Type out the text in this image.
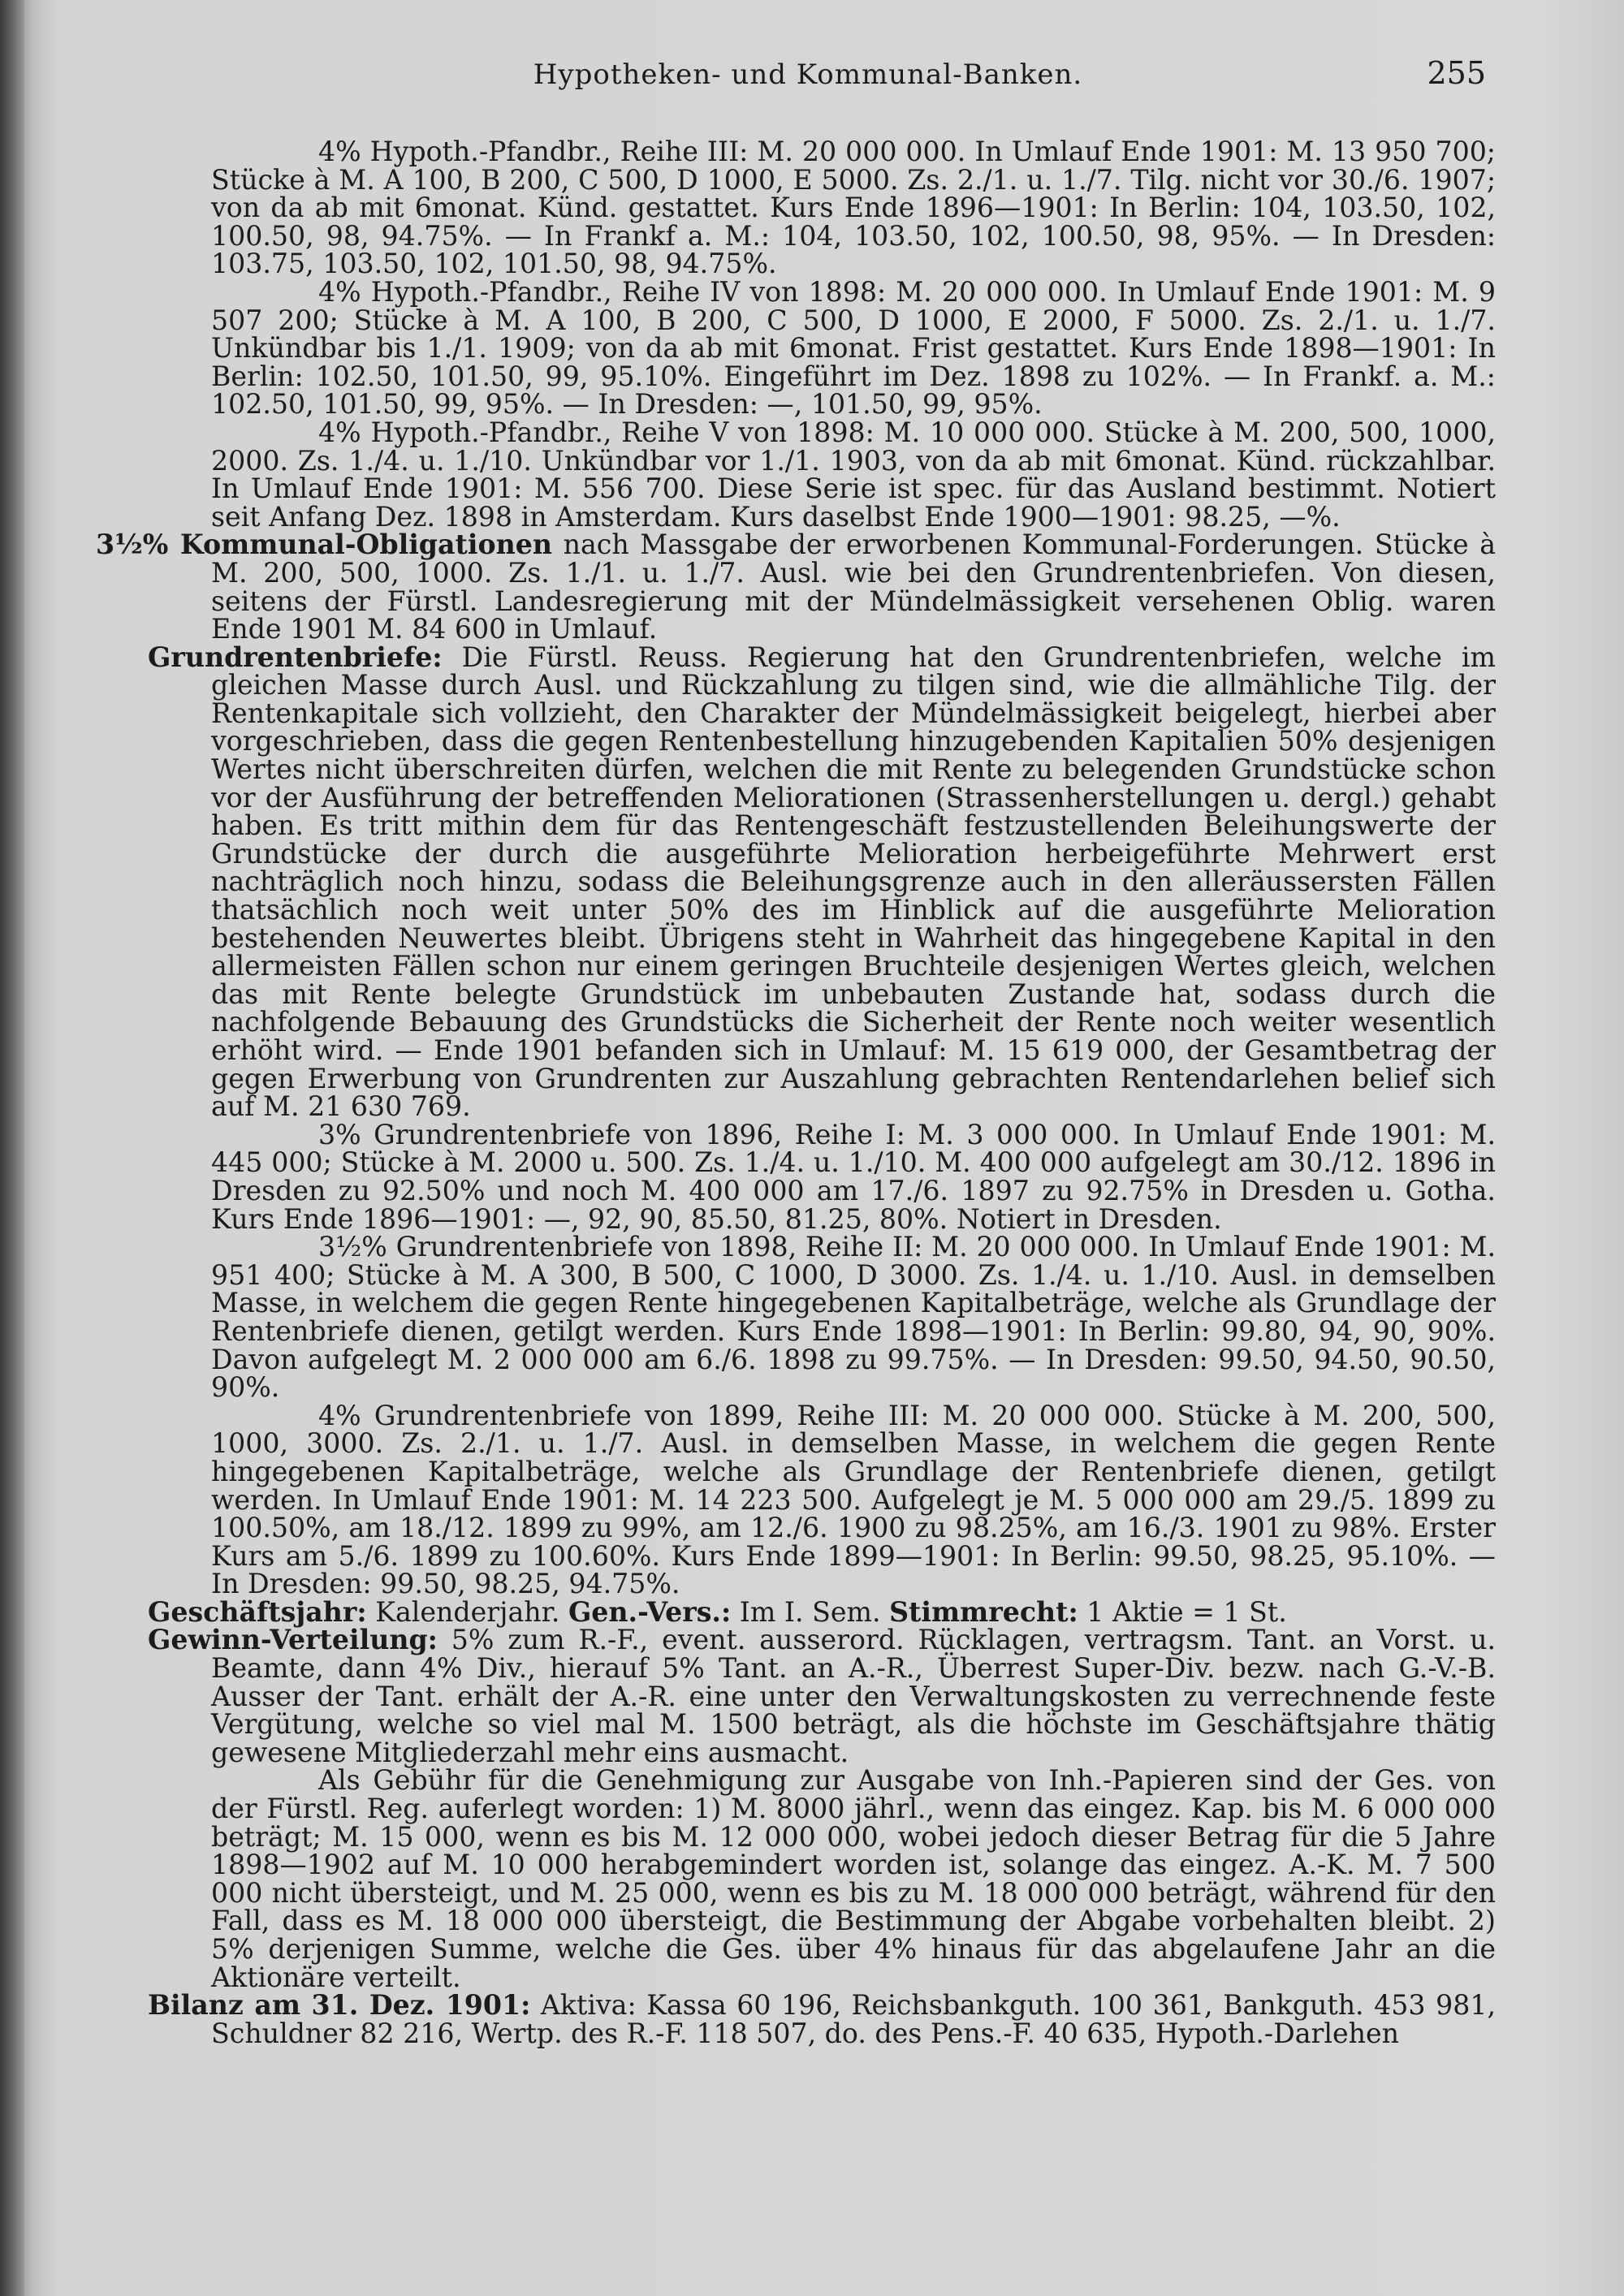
Hypotheken- und Kommunal-Banken.	255

4% Hypoth.-Pfandbr., Reihe III: M. 20 000 000. In Umlauf Ende 1901: M. 13 950 700; Stücke à M. A 100, B 200, C 500, D 1000, E 5000. Zs. 2./1. u. 1./7. Tilg. nicht vor 30./6. 1907; von da ab mit 6monat. Künd. gestattet. Kurs Ende 1896—1901: In Berlin: 104, 103.50, 102, 100.50, 98, 94.75%. — In Frankf a. M.: 104, 103.50, 102, 100.50, 98, 95%. — In Dresden: 103.75, 103.50, 102, 101.50, 98, 94.75%.

4% Hypoth.-Pfandbr., Reihe IV von 1898: M. 20 000 000. In Umlauf Ende 1901: M. 9 507 200; Stücke à M. A 100, B 200, C 500, D 1000, E 2000, F 5000. Zs. 2./1. u. 1./7. Unkündbar bis 1./1. 1909; von da ab mit 6monat. Frist gestattet. Kurs Ende 1898—1901: In Berlin: 102.50, 101.50, 99, 95.10%. Eingeführt im Dez. 1898 zu 102%. — In Frankf. a. M.: 102.50, 101.50, 99, 95%. — In Dresden: —, 101.50, 99, 95%.

4% Hypoth.-Pfandbr., Reihe V von 1898: M. 10 000 000. Stücke à M. 200, 500, 1000, 2000. Zs. 1./4. u. 1./10. Unkündbar vor 1./1. 1903, von da ab mit 6monat. Künd. rückzahlbar. In Umlauf Ende 1901: M. 556 700. Diese Serie ist spec. für das Ausland bestimmt. Notiert seit Anfang Dez. 1898 in Amsterdam. Kurs daselbst Ende 1900—1901: 98.25, —%.

3½% Kommunal-Obligationen nach Massgabe der erworbenen Kommunal-Forderungen. Stücke à M. 200, 500, 1000. Zs. 1./1. u. 1./7. Ausl. wie bei den Grundrentenbriefen. Von diesen, seitens der Fürstl. Landesregierung mit der Mündelmässigkeit versehenen Oblig. waren Ende 1901 M. 84 600 in Umlauf.

Grundrentenbriefe: Die Fürstl. Reuss. Regierung hat den Grundrentenbriefen, welche im gleichen Masse durch Ausl. und Rückzahlung zu tilgen sind, wie die allmähliche Tilg. der Rentenkapitale sich vollzieht, den Charakter der Mündelmässigkeit beigelegt, hierbei aber vorgeschrieben, dass die gegen Rentenbestellung hinzugebenden Kapitalien 50% desjenigen Wertes nicht überschreiten dürfen, welchen die mit Rente zu belegenden Grundstücke schon vor der Ausführung der betreffenden Meliorationen (Strassenherstellungen u. dergl.) gehabt haben. Es tritt mithin dem für das Rentengeschäft festzustellenden Beleihungswerte der Grundstücke der durch die ausgeführte Melioration herbeigeführte Mehrwert erst nachträglich noch hinzu, sodass die Beleihungsgrenze auch in den alleräussersten Fällen thatsächlich noch weit unter 50% des im Hinblick auf die ausgeführte Melioration bestehenden Neuwertes bleibt. Übrigens steht in Wahrheit das hingegebene Kapital in den allermeisten Fällen schon nur einem geringen Bruchteile desjenigen Wertes gleich, welchen das mit Rente belegte Grundstück im unbebauten Zustande hat, sodass durch die nachfolgende Bebauung des Grundstücks die Sicherheit der Rente noch weiter wesentlich erhöht wird. — Ende 1901 befanden sich in Umlauf: M. 15 619 000, der Gesamtbetrag der gegen Erwerbung von Grundrenten zur Auszahlung gebrachten Rentendarlehen belief sich auf M. 21 630 769.

3% Grundrentenbriefe von 1896, Reihe I: M. 3 000 000. In Umlauf Ende 1901: M. 445 000; Stücke à M. 2000 u. 500. Zs. 1./4. u. 1./10. M. 400 000 aufgelegt am 30./12. 1896 in Dresden zu 92.50% und noch M. 400 000 am 17./6. 1897 zu 92.75% in Dresden u. Gotha. Kurs Ende 1896—1901: —, 92, 90, 85.50, 81.25, 80%. Notiert in Dresden.

3½% Grundrentenbriefe von 1898, Reihe II: M. 20 000 000. In Umlauf Ende 1901: M. 951 400; Stücke à M. A 300, B 500, C 1000, D 3000. Zs. 1./4. u. 1./10. Ausl. in demselben Masse, in welchem die gegen Rente hingegebenen Kapitalbeträge, welche als Grundlage der Rentenbriefe dienen, getilgt werden. Kurs Ende 1898—1901: In Berlin: 99.80, 94, 90, 90%. Davon aufgelegt M. 2 000 000 am 6./6. 1898 zu 99.75%. — In Dresden: 99.50, 94.50, 90.50, 90%.

4% Grundrentenbriefe von 1899, Reihe III: M. 20 000 000. Stücke à M. 200, 500, 1000, 3000. Zs. 2./1. u. 1./7. Ausl. in demselben Masse, in welchem die gegen Rente hingegebenen Kapitalbeträge, welche als Grundlage der Rentenbriefe dienen, getilgt werden. In Umlauf Ende 1901: M. 14 223 500. Aufgelegt je M. 5 000 000 am 29./5. 1899 zu 100.50%, am 18./12. 1899 zu 99%, am 12./6. 1900 zu 98.25%, am 16./3. 1901 zu 98%. Erster Kurs am 5./6. 1899 zu 100.60%. Kurs Ende 1899—1901: In Berlin: 99.50, 98.25, 95.10%. — In Dresden: 99.50, 98.25, 94.75%.

Geschäftsjahr: Kalenderjahr. Gen.-Vers.: Im I. Sem. Stimmrecht: 1 Aktie = 1 St.

Gewinn-Verteilung: 5% zum R.-F., event. ausserord. Rücklagen, vertragsm. Tant. an Vorst. u. Beamte, dann 4% Div., hierauf 5% Tant. an A.-R., Überrest Super-Div. bezw. nach G.-V.-B. Ausser der Tant. erhält der A.-R. eine unter den Verwaltungskosten zu verrechnende feste Vergütung, welche so viel mal M. 1500 beträgt, als die höchste im Geschäftsjahre thätig gewesene Mitgliederzahl mehr eins ausmacht.

Als Gebühr für die Genehmigung zur Ausgabe von Inh.-Papieren sind der Ges. von der Fürstl. Reg. auferlegt worden: 1) M. 8000 jährl., wenn das eingez. Kap. bis M. 6 000 000 beträgt; M. 15 000, wenn es bis M. 12 000 000, wobei jedoch dieser Betrag für die 5 Jahre 1898—1902 auf M. 10 000 herabgemindert worden ist, solange das eingez. A.-K. M. 7 500 000 nicht übersteigt, und M. 25 000, wenn es bis zu M. 18 000 000 beträgt, während für den Fall, dass es M. 18 000 000 übersteigt, die Bestimmung der Abgabe vorbehalten bleibt. 2) 5% derjenigen Summe, welche die Ges. über 4% hinaus für das abgelaufene Jahr an die Aktionäre verteilt.

Bilanz am 31. Dez. 1901: Aktiva: Kassa 60 196, Reichsbankguth. 100 361, Bankguth. 453 981, Schuldner 82 216, Wertp. des R.-F. 118 507, do. des Pens.-F. 40 635, Hypoth.-Darlehen
